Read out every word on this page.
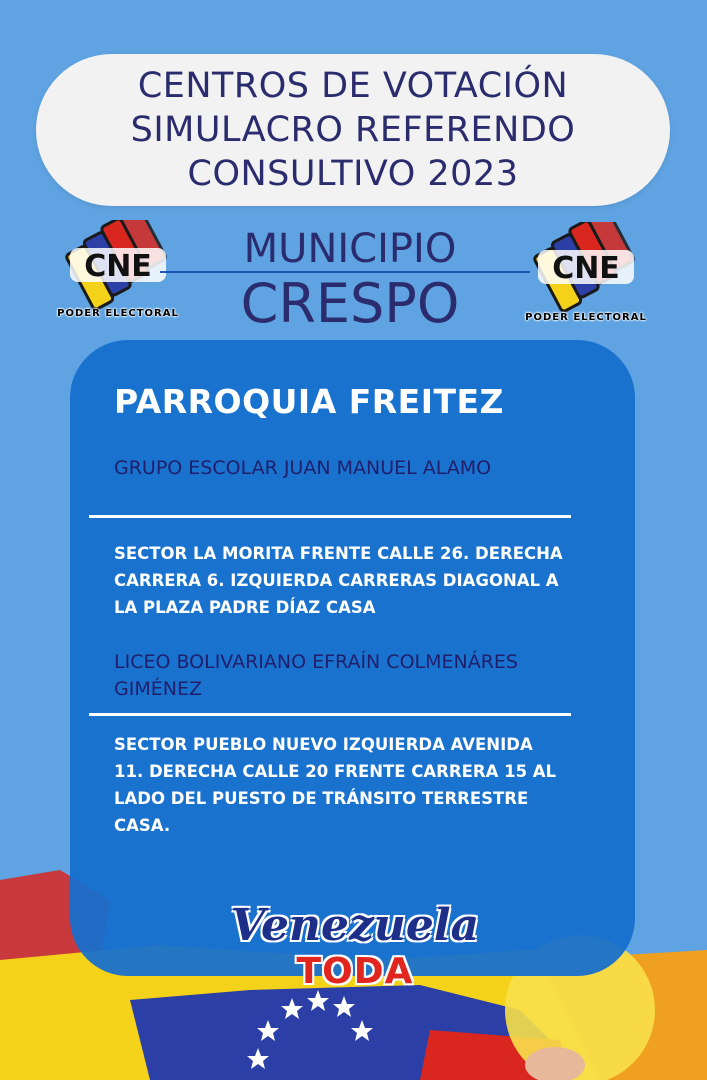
CENTROS DE VOTACIÓN
SIMULACRO REFERENDO
CONSULTIVO 2023
CNE
PODER ELECTORAL
CNE
PODER ELECTORAL
MUNICIPIO
CRESPO
PARROQUIA FREITEZ
GRUPO ESCOLAR JUAN MANUEL ALAMO
SECTOR LA MORITA FRENTE CALLE 26. DERECHA CARRERA 6. IZQUIERDA CARRERAS DIAGONAL A LA PLAZA PADRE DÍAZ CASA
LICEO BOLIVARIANO EFRAÍN COLMENÁRES GIMÉNEZ
SECTOR PUEBLO NUEVO IZQUIERDA AVENIDA 11. DERECHA CALLE 20 FRENTE CARRERA 15 AL LADO DEL PUESTO DE TRÁNSITO TERRESTRE CASA.
Venezuela
TODA
